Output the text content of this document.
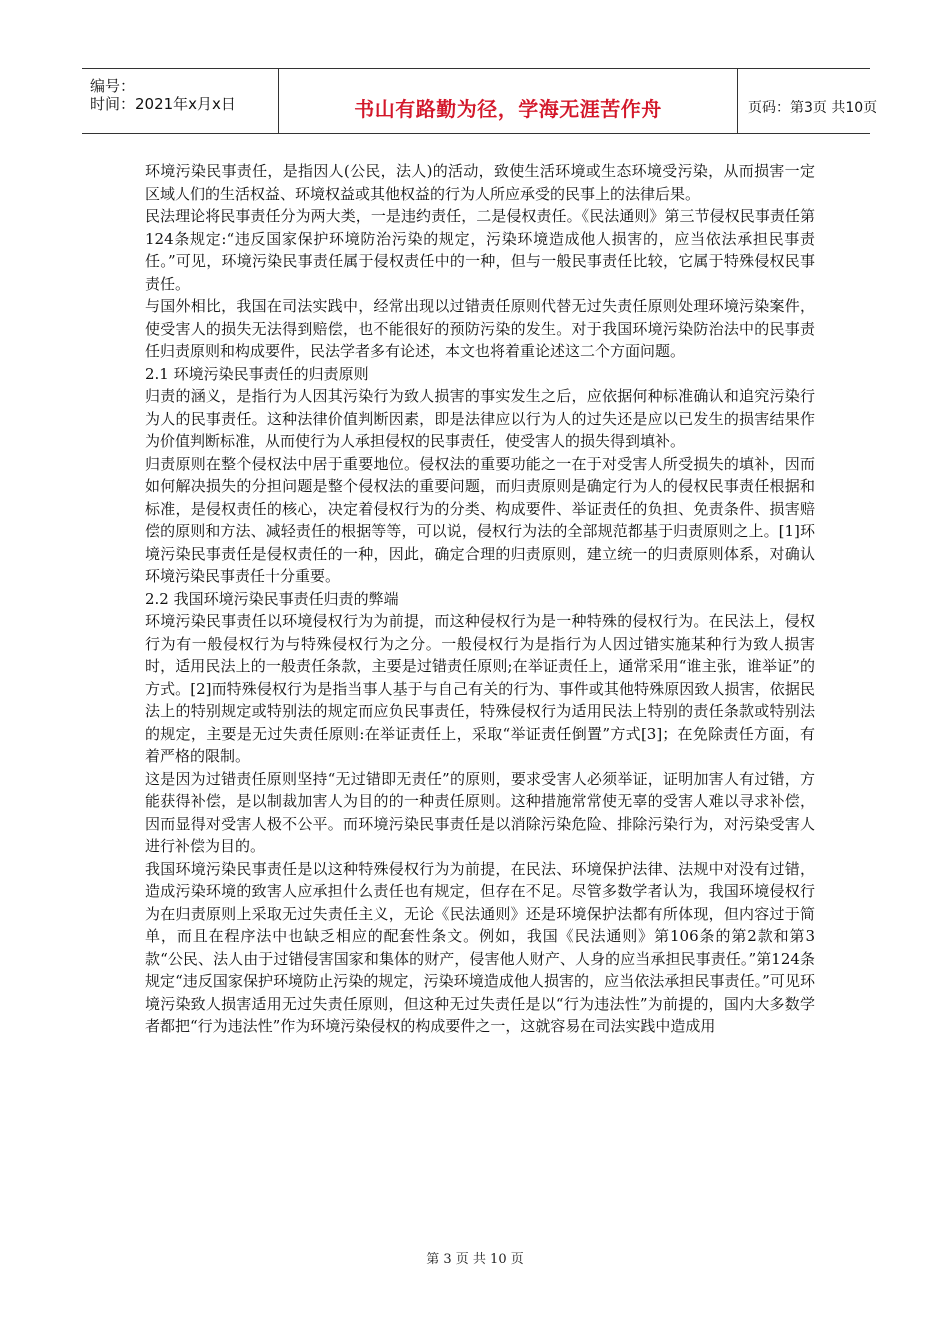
编号：
时间：2021年x月x日	书山有路勤为径，学海无涯苦作舟	页码：第3页 共10页
环境污染民事责任，是指因人(公民，法人)的活动，致使生活环境或生态环境受污染，从而损害一定区域人们的生活权益、环境权益或其他权益的行为人所应承受的民事上的法律后果。
民法理论将民事责任分为两大类，一是违约责任，二是侵权责任。《民法通则》第三节侵权民事责任第124条规定:“违反国家保护环境防治污染的规定，污染环境造成他人损害的，应当依法承担民事责任。”可见，环境污染民事责任属于侵权责任中的一种，但与一般民事责任比较，它属于特殊侵权民事责任。
与国外相比，我国在司法实践中，经常出现以过错责任原则代替无过失责任原则处理环境污染案件，使受害人的损失无法得到赔偿，也不能很好的预防污染的发生。对于我国环境污染防治法中的民事责任归责原则和构成要件，民法学者多有论述，本文也将着重论述这二个方面问题。
2.1 环境污染民事责任的归责原则
归责的涵义，是指行为人因其污染行为致人损害的事实发生之后，应依据何种标准确认和追究污染行为人的民事责任。这种法律价值判断因素，即是法律应以行为人的过失还是应以已发生的损害结果作为价值判断标准，从而使行为人承担侵权的民事责任，使受害人的损失得到填补。
归责原则在整个侵权法中居于重要地位。侵权法的重要功能之一在于对受害人所受损失的填补，因而如何解决损失的分担问题是整个侵权法的重要问题，而归责原则是确定行为人的侵权民事责任根据和标准，是侵权责任的核心，决定着侵权行为的分类、构成要件、举证责任的负担、免责条件、损害赔偿的原则和方法、减轻责任的根据等等，可以说，侵权行为法的全部规范都基于归责原则之上。[1]环境污染民事责任是侵权责任的一种，因此，确定合理的归责原则，建立统一的归责原则体系，对确认环境污染民事责任十分重要。
2.2 我国环境污染民事责任归责的弊端
环境污染民事责任以环境侵权行为为前提，而这种侵权行为是一种特殊的侵权行为。在民法上，侵权行为有一般侵权行为与特殊侵权行为之分。一般侵权行为是指行为人因过错实施某种行为致人损害时，适用民法上的一般责任条款，主要是过错责任原则;在举证责任上，通常采用“谁主张，谁举证”的方式。[2]而特殊侵权行为是指当事人基于与自己有关的行为、事件或其他特殊原因致人损害，依据民法上的特别规定或特别法的规定而应负民事责任，特殊侵权行为适用民法上特别的责任条款或特别法的规定，主要是无过失责任原则:在举证责任上，采取“举证责任倒置”方式[3]；在免除责任方面，有着严格的限制。
这是因为过错责任原则坚持“无过错即无责任”的原则，要求受害人必须举证，证明加害人有过错，方能获得补偿，是以制裁加害人为目的的一种责任原则。这种措施常常使无辜的受害人难以寻求补偿，因而显得对受害人极不公平。而环境污染民事责任是以消除污染危险、排除污染行为，对污染受害人进行补偿为目的。
我国环境污染民事责任是以这种特殊侵权行为为前提，在民法、环境保护法律、法规中对没有过错，造成污染环境的致害人应承担什么责任也有规定，但存在不足。尽管多数学者认为，我国环境侵权行为在归责原则上采取无过失责任主义，无论《民法通则》还是环境保护法都有所体现，但内容过于简单，而且在程序法中也缺乏相应的配套性条文。例如，我国《民法通则》第106条的第2款和第3款“公民、法人由于过错侵害国家和集体的财产，侵害他人财产、人身的应当承担民事责任。”第124条规定“违反国家保护环境防止污染的规定，污染环境造成他人损害的，应当依法承担民事责任。”可见环境污染致人损害适用无过失责任原则，但这种无过失责任是以“行为违法性”为前提的，国内大多数学者都把“行为违法性”作为环境污染侵权的构成要件之一，这就容易在司法实践中造成用
第 3 页 共 10 页
